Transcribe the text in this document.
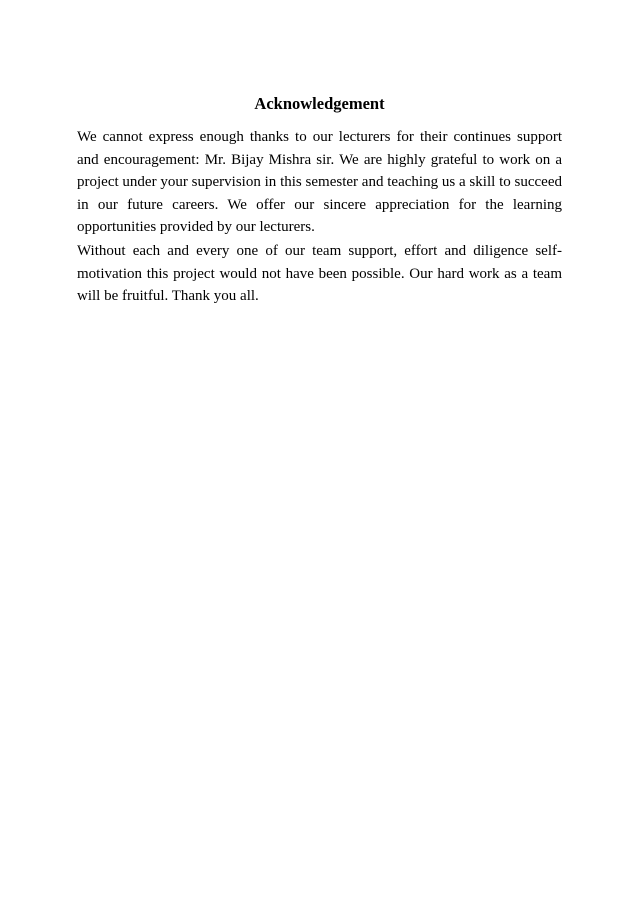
Acknowledgement

We cannot express enough thanks to our lecturers for their continues support and encouragement: Mr. Bijay Mishra sir. We are highly grateful to work on a project under your supervision in this semester and teaching us a skill to succeed in our future careers. We offer our sincere appreciation for the learning opportunities provided by our lecturers.

Without each and every one of our team support, effort and diligence self-motivation this project would not have been possible. Our hard work as a team will be fruitful. Thank you all.
